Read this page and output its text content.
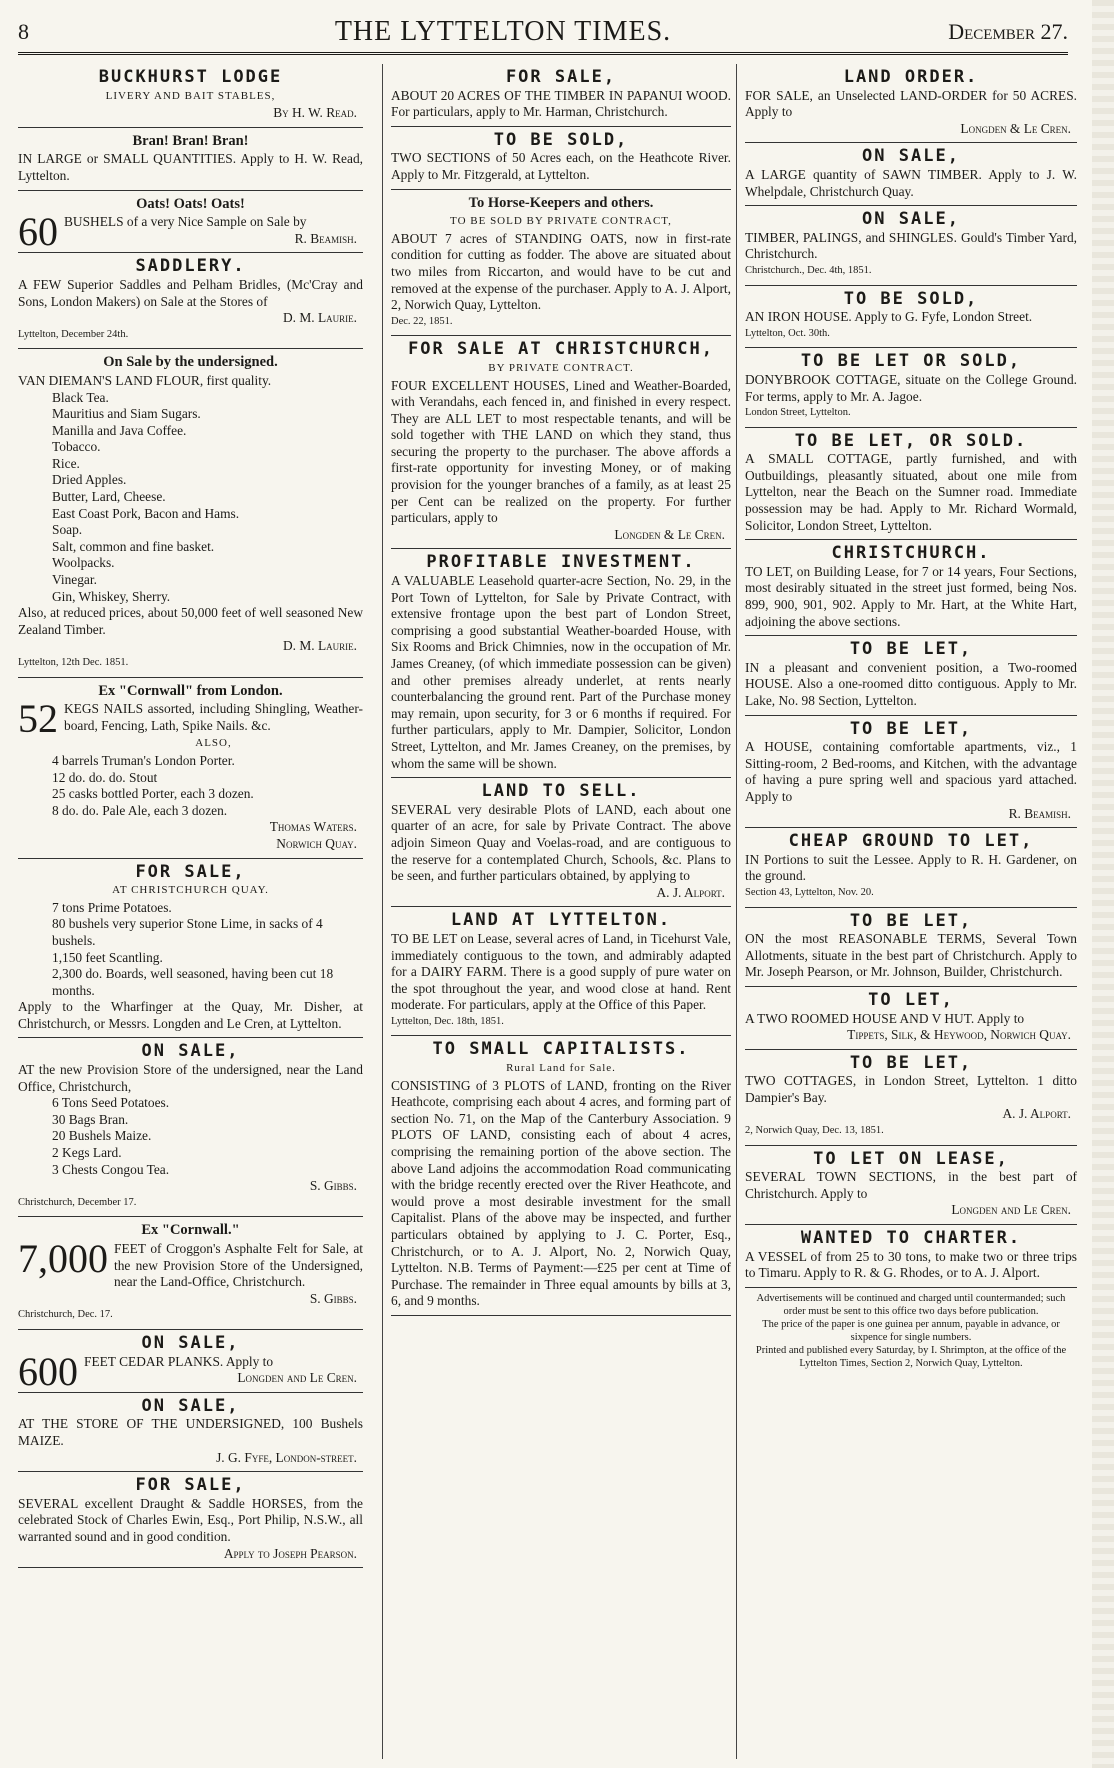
8	THE LYTTELTON TIMES.	December 27.
BUCKHURST LODGE
LIVERY AND BAIT STABLES,
By H. W. Read.
Bran! Bran! Bran!

IN LARGE or SMALL QUANTITIES. Apply to H. W. Read, Lyttelton.

Oats! Oats! Oats!

60 BUSHELS of a very Nice Sample on Sale by

R. Beamish.
SADDLERY.

A FEW Superior Saddles and Pelham Bridles, (Mc'Cray and Sons, London Makers) on Sale at the Stores of

D. M. Laurie.
Lyttelton, December 24th.
On Sale by the undersigned.

VAN DIEMAN'S LAND FLOUR, first quality.

Black Tea.
Mauritius and Siam Sugars.
Manilla and Java Coffee.
Tobacco.
Rice.
Dried Apples.
Butter, Lard, Cheese.
East Coast Pork, Bacon and Hams.
Soap.
Salt, common and fine basket.
Woolpacks.
Vinegar.
Gin, Whiskey, Sherry.

Also, at reduced prices, about 50,000 feet of well seasoned New Zealand Timber.

D. M. Laurie.
Lyttelton, 12th Dec. 1851.
Ex "Cornwall" from London.

52 KEGS NAILS assorted, including Shingling, Weather-board, Fencing, Lath, Spike Nails. &c.

ALSO,
4 barrels Truman's London Porter.
12 do. do. do. Stout
25 casks bottled Porter, each 3 dozen.
8 do. do. Pale Ale, each 3 dozen.
Thomas Waters.
Norwich Quay.
FOR SALE,
AT CHRISTCHURCH QUAY.
7 tons Prime Potatoes.
80 bushels very superior Stone Lime, in sacks of 4 bushels.
1,150 feet Scantling.
2,300 do. Boards, well seasoned, having been cut 18 months.

Apply to the Wharfinger at the Quay, Mr. Disher, at Christchurch, or Messrs. Longden and Le Cren, at Lyttelton.

ON SALE,

AT the new Provision Store of the undersigned, near the Land Office, Christchurch,

6 Tons Seed Potatoes.
30 Bags Bran.
20 Bushels Maize.
2 Kegs Lard.
3 Chests Congou Tea.
S. Gibbs.
Christchurch, December 17.
Ex "Cornwall."

7,000 FEET of Croggon's Asphalte Felt for Sale, at the new Provision Store of the Undersigned, near the Land-Office, Christchurch.

S. Gibbs.
Christchurch, Dec. 17.
ON SALE,

600 FEET CEDAR PLANKS. Apply to

Longden and Le Cren.
ON SALE,

AT THE STORE OF THE UNDERSIGNED, 100 Bushels MAIZE.

J. G. Fyfe, London-street.
FOR SALE,

SEVERAL excellent Draught & Saddle HORSES, from the celebrated Stock of Charles Ewin, Esq., Port Philip, N.S.W., all warranted sound and in good condition.

Apply to Joseph Pearson.
FOR SALE,

ABOUT 20 ACRES OF THE TIMBER IN PAPANUI WOOD. For particulars, apply to Mr. Harman, Christchurch.

TO BE SOLD,

TWO SECTIONS of 50 Acres each, on the Heathcote River. Apply to Mr. Fitzgerald, at Lyttelton.

To Horse-Keepers and others.
TO BE SOLD BY PRIVATE CONTRACT,

ABOUT 7 acres of STANDING OATS, now in first-rate condition for cutting as fodder. The above are situated about two miles from Riccarton, and would have to be cut and removed at the expense of the purchaser. Apply to A. J. Alport, 2, Norwich Quay, Lyttelton.

Dec. 22, 1851.
FOR SALE AT CHRISTCHURCH,
BY PRIVATE CONTRACT.

FOUR EXCELLENT HOUSES, Lined and Weather-Boarded, with Verandahs, each fenced in, and finished in every respect. They are ALL LET to most respectable tenants, and will be sold together with THE LAND on which they stand, thus securing the property to the purchaser. The above affords a first-rate opportunity for investing Money, or of making provision for the younger branches of a family, as at least 25 per Cent can be realized on the property. For further particulars, apply to

Longden & Le Cren.
PROFITABLE INVESTMENT.

A VALUABLE Leasehold quarter-acre Section, No. 29, in the Port Town of Lyttelton, for Sale by Private Contract, with extensive frontage upon the best part of London Street, comprising a good substantial Weather-boarded House, with Six Rooms and Brick Chimnies, now in the occupation of Mr. James Creaney, (of which immediate possession can be given) and other premises already underlet, at rents nearly counterbalancing the ground rent. Part of the Purchase money may remain, upon security, for 3 or 6 months if required. For further particulars, apply to Mr. Dampier, Solicitor, London Street, Lyttelton, and Mr. James Creaney, on the premises, by whom the same will be shown.

LAND TO SELL.

SEVERAL very desirable Plots of LAND, each about one quarter of an acre, for sale by Private Contract. The above adjoin Simeon Quay and Voelas-road, and are contiguous to the reserve for a contemplated Church, Schools, &c. Plans to be seen, and further particulars obtained, by applying to

A. J. Alport.
LAND AT LYTTELTON.

TO BE LET on Lease, several acres of Land, in Ticehurst Vale, immediately contiguous to the town, and admirably adapted for a DAIRY FARM. There is a good supply of pure water on the spot throughout the year, and wood close at hand. Rent moderate. For particulars, apply at the Office of this Paper.

Lyttelton, Dec. 18th, 1851.
TO SMALL CAPITALISTS.
Rural Land for Sale.

CONSISTING of 3 PLOTS of LAND, fronting on the River Heathcote, comprising each about 4 acres, and forming part of section No. 71, on the Map of the Canterbury Association. 9 PLOTS OF LAND, consisting each of about 4 acres, comprising the remaining portion of the above section. The above Land adjoins the accommodation Road communicating with the bridge recently erected over the River Heathcote, and would prove a most desirable investment for the small Capitalist. Plans of the above may be inspected, and further particulars obtained by applying to J. C. Porter, Esq., Christchurch, or to A. J. Alport, No. 2, Norwich Quay, Lyttelton. N.B. Terms of Payment:—£25 per cent at Time of Purchase. The remainder in Three equal amounts by bills at 3, 6, and 9 months.

LAND ORDER.

FOR SALE, an Unselected LAND-ORDER for 50 ACRES. Apply to

Longden & Le Cren.
ON SALE,

A LARGE quantity of SAWN TIMBER. Apply to J. W. Whelpdale, Christchurch Quay.

ON SALE,

TIMBER, PALINGS, and SHINGLES. Gould's Timber Yard, Christchurch.

Christchurch., Dec. 4th, 1851.
TO BE SOLD,

AN IRON HOUSE. Apply to G. Fyfe, London Street.

Lyttelton, Oct. 30th.
TO BE LET OR SOLD,

DONYBROOK COTTAGE, situate on the College Ground. For terms, apply to Mr. A. Jagoe.

London Street, Lyttelton.
TO BE LET, OR SOLD.

A SMALL COTTAGE, partly furnished, and with Outbuildings, pleasantly situated, about one mile from Lyttelton, near the Beach on the Sumner road. Immediate possession may be had. Apply to Mr. Richard Wormald, Solicitor, London Street, Lyttelton.

CHRISTCHURCH.

TO LET, on Building Lease, for 7 or 14 years, Four Sections, most desirably situated in the street just formed, being Nos. 899, 900, 901, 902. Apply to Mr. Hart, at the White Hart, adjoining the above sections.

TO BE LET,

IN a pleasant and convenient position, a Two-roomed HOUSE. Also a one-roomed ditto contiguous. Apply to Mr. Lake, No. 98 Section, Lyttelton.

TO BE LET,

A HOUSE, containing comfortable apartments, viz., 1 Sitting-room, 2 Bed-rooms, and Kitchen, with the advantage of having a pure spring well and spacious yard attached. Apply to

R. Beamish.
CHEAP GROUND TO LET,

IN Portions to suit the Lessee. Apply to R. H. Gardener, on the ground.

Section 43, Lyttelton, Nov. 20.
TO BE LET,

ON the most REASONABLE TERMS, Several Town Allotments, situate in the best part of Christchurch. Apply to Mr. Joseph Pearson, or Mr. Johnson, Builder, Christchurch.

TO LET,

A TWO ROOMED HOUSE AND V HUT. Apply to

Tippets, Silk, & Heywood, Norwich Quay.
TO BE LET,

TWO COTTAGES, in London Street, Lyttelton. 1 ditto Dampier's Bay.

A. J. Alport.
2, Norwich Quay, Dec. 13, 1851.
TO LET ON LEASE,

SEVERAL TOWN SECTIONS, in the best part of Christchurch. Apply to

Longden and Le Cren.
WANTED TO CHARTER.

A VESSEL of from 25 to 30 tons, to make two or three trips to Timaru. Apply to R. & G. Rhodes, or to A. J. Alport.

Advertisements will be continued and charged until countermanded; such order must be sent to this office two days before publication.
The price of the paper is one guinea per annum, payable in advance, or sixpence for single numbers.
Printed and published every Saturday, by I. Shrimpton, at the office of the Lyttelton Times, Section 2, Norwich Quay, Lyttelton.
